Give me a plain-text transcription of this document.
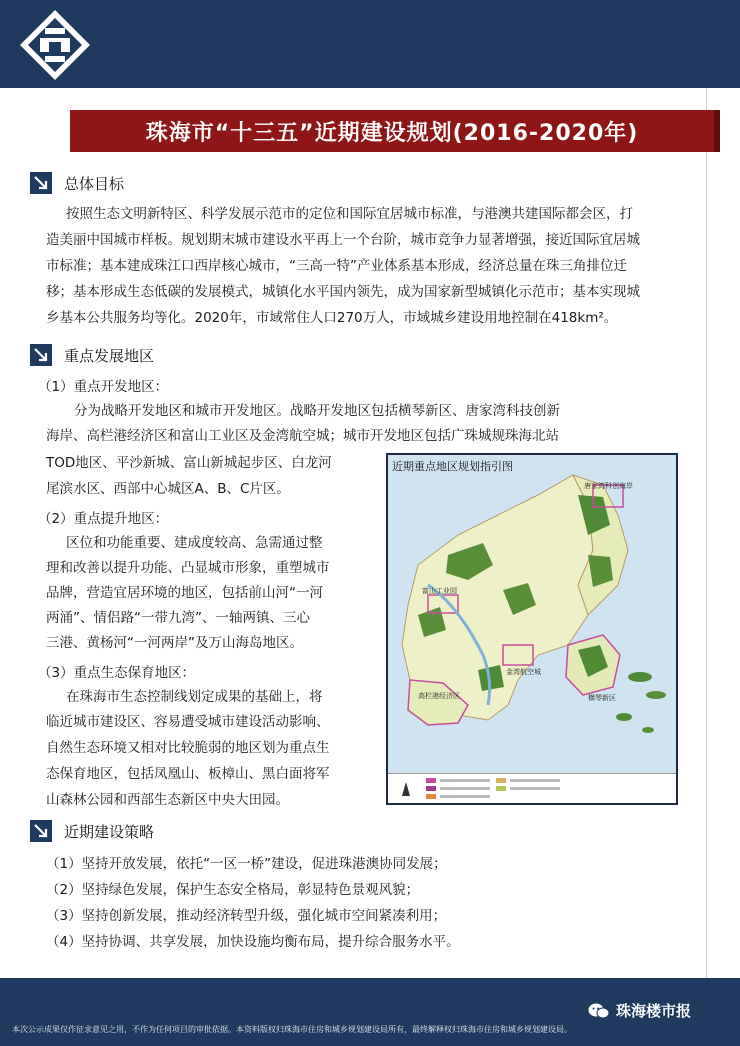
珠海市“十三五”近期建设规划(2016-2020年)
总体目标
按照生态文明新特区、科学发展示范市的定位和国际宜居城市标准，与港澳共建国际都会区，打
造美丽中国城市样板。规划期末城市建设水平再上一个台阶，城市竞争力显著增强，接近国际宜居城
市标准；基本建成珠江口西岸核心城市，“三高一特”产业体系基本形成，经济总量在珠三角排位迁
移；基本形成生态低碳的发展模式，城镇化水平国内领先，成为国家新型城镇化示范市；基本实现城
乡基本公共服务均等化。2020年，市域常住人口270万人，市域城乡建设用地控制在418km²。
重点发展地区
（1）重点开发地区：
分为战略开发地区和城市开发地区。战略开发地区包括横琴新区、唐家湾科技创新
海岸、高栏港经济区和富山工业区及金湾航空城；城市开发地区包括广珠城规珠海北站
TOD地区、平沙新城、富山新城起步区、白龙河
尾滨水区、西部中心城区A、B、C片区。
（2）重点提升地区：
区位和功能重要、建成度较高、急需通过整
理和改善以提升功能、凸显城市形象，重塑城市
品牌，营造宜居环境的地区，包括前山河“一河
两涌”、情侣路“一带九湾”、一轴两镇、三心
三港、黄杨河“一河两岸”及万山海岛地区。
（3）重点生态保育地区：
在珠海市生态控制线划定成果的基础上，将
临近城市建设区、容易遭受城市建设活动影响、
自然生态环境又相对比较脆弱的地区划为重点生
态保育地区，包括凤凰山、板樟山、黑白面将军
山森林公园和西部生态新区中央大田园。
近期重点地区规划指引图
唐家湾科创海岸
横琴新区
富山工业园
金湾航空城
高栏港经济区
近期建设策略
（1）坚持开放发展，依托“一区一桥”建设，促进珠港澳协同发展；
（2）坚持绿色发展，保护生态安全格局，彰显特色景观风貌；
（3）坚持创新发展，推动经济转型升级，强化城市空间紧凑利用；
（4）坚持协调、共享发展，加快设施均衡布局，提升综合服务水平。
珠海楼市报
本次公示成果仅作征求意见之用，不作为任何项目的审批依据。本资料版权归珠海市住房和城乡规划建设局所有，最终解释权归珠海市住房和城乡规划建设局。
